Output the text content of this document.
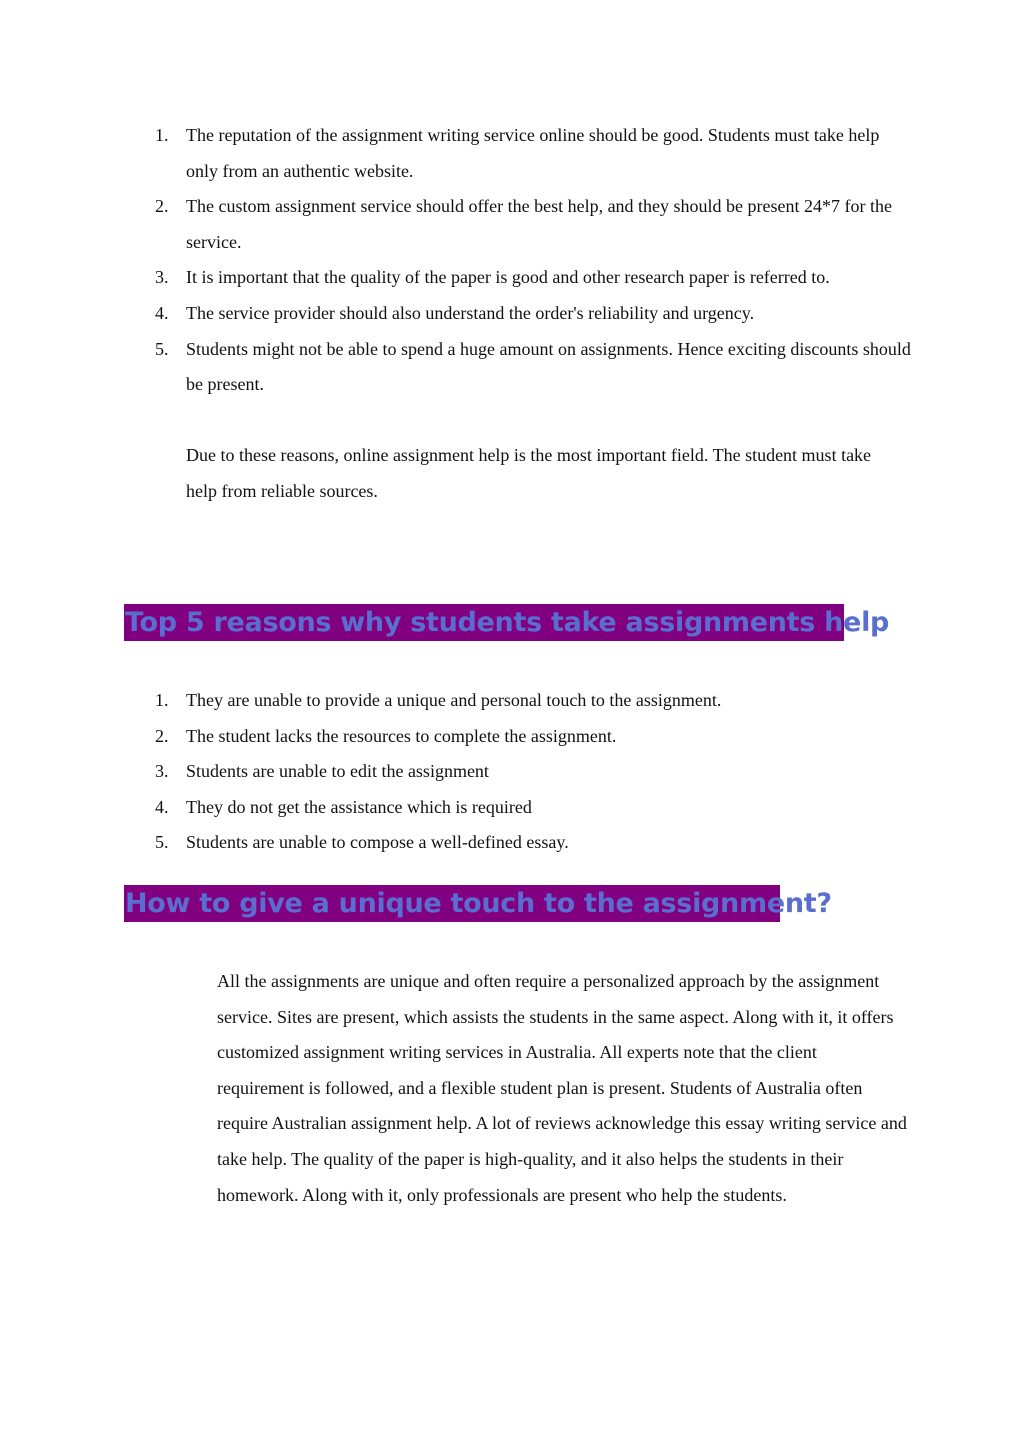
1. The reputation of the assignment writing service online should be good. Students must take help only from an authentic website.
2. The custom assignment service should offer the best help, and they should be present 24*7 for the service.
3. It is important that the quality of the paper is good and other research paper is referred to.
4. The service provider should also understand the order's reliability and urgency.
5. Students might not be able to spend a huge amount on assignments. Hence exciting discounts should be present.

Due to these reasons, online assignment help is the most important field. The student must take help from reliable sources.

Top 5 reasons why students take assignments help
1. They are unable to provide a unique and personal touch to the assignment.
2. The student lacks the resources to complete the assignment.
3. Students are unable to edit the assignment
4. They do not get the assistance which is required
5. Students are unable to compose a well-defined essay.
How to give a unique touch to the assignment?

All the assignments are unique and often require a personalized approach by the assignment service. Sites are present, which assists the students in the same aspect. Along with it, it offers customized assignment writing services in Australia. All experts note that the client requirement is followed, and a flexible student plan is present. Students of Australia often require Australian assignment help. A lot of reviews acknowledge this essay writing service and take help. The quality of the paper is high-quality, and it also helps the students in their homework. Along with it, only professionals are present who help the students.
